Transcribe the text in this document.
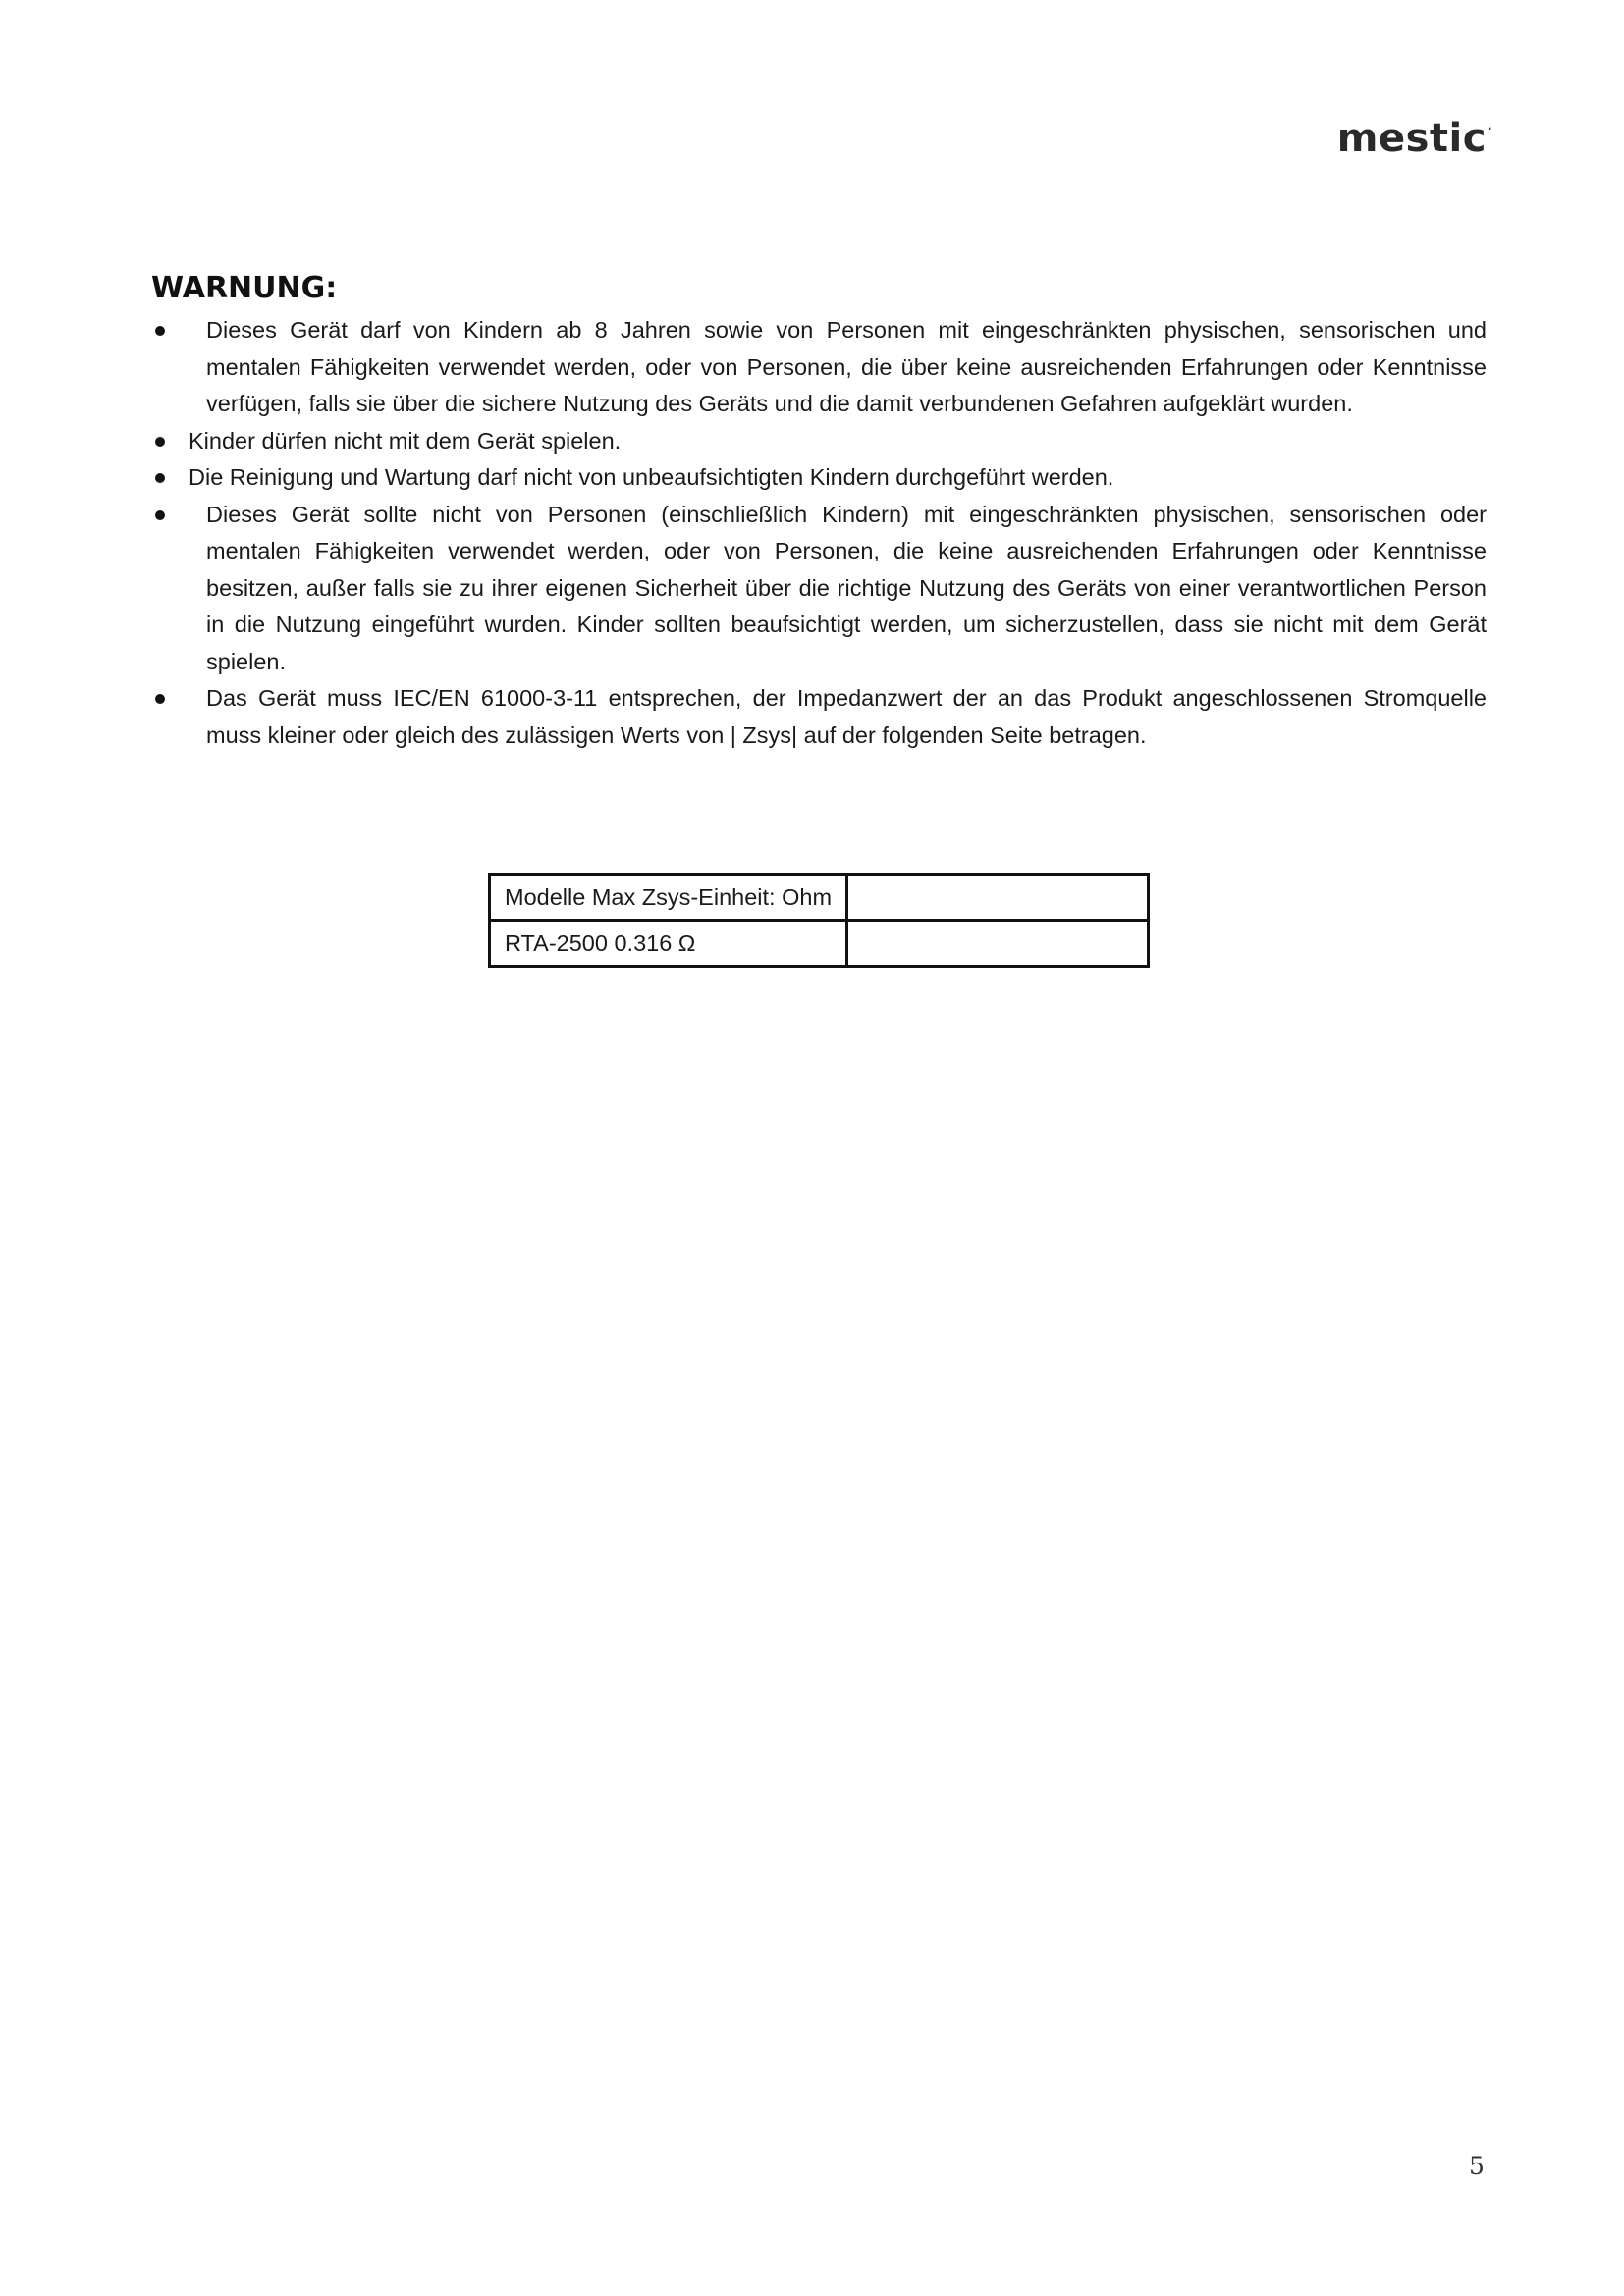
mestic·
WARNUNG:
Dieses Gerät darf von Kindern ab 8 Jahren sowie von Personen mit eingeschränkten physischen, sensorischen und mentalen Fähigkeiten verwendet werden, oder von Personen, die über keine ausreichenden Erfahrungen oder Kenntnisse verfügen, falls sie über die sichere Nutzung des Geräts und die damit verbundenen Gefahren aufgeklärt wurden.
Kinder dürfen nicht mit dem Gerät spielen.
Die Reinigung und Wartung darf nicht von unbeaufsichtigten Kindern durchgeführt werden.
Dieses Gerät sollte nicht von Personen (einschließlich Kindern) mit eingeschränkten physischen, sensorischen oder mentalen Fähigkeiten verwendet werden, oder von Personen, die keine ausreichenden Erfahrungen oder Kenntnisse besitzen, außer falls sie zu ihrer eigenen Sicherheit über die richtige Nutzung des Geräts von einer verantwortlichen Person in die Nutzung eingeführt wurden. Kinder sollten beaufsichtigt werden, um sicherzustellen, dass sie nicht mit dem Gerät spielen.
Das Gerät muss IEC/EN 61000-3-11 entsprechen, der Impedanzwert der an das Produkt angeschlossenen Stromquelle muss kleiner oder gleich des zulässigen Werts von | Zsys| auf der folgenden Seite betragen.
Modelle Max Zsys-Einheit: Ohm	
RTA-2500 0.316 Ω	
5
